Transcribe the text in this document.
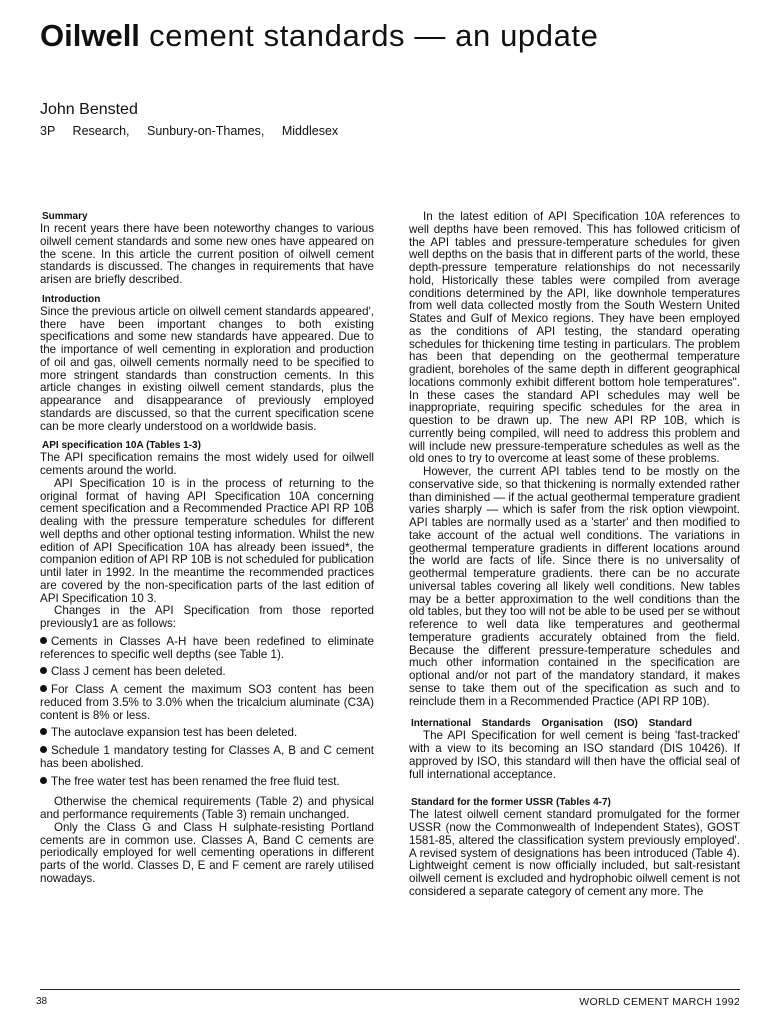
Oilwell cement standards — an update
John Bensted
3P Research, Sunbury-on-Thames, Middlesex
Summary

In recent years there have been noteworthy changes to various oilwell cement standards and some new ones have appeared on the scene. In this article the current position of oilwell cement standards is discussed. The changes in requirements that have arisen are briefly described.

Introduction

Since the previous article on oilwell cement standards appeared', there have been important changes to both existing specifications and some new standards have appeared. Due to the importance of well cementing in exploration and production of oil and gas, oilwell cements normally need to be specified to more stringent standards than construction cements. In this article changes in existing oilwell cement standards, plus the appearance and disappearance of previously employed standards are discussed, so that the current specification scene can be more clearly understood on a worldwide basis.

API specification 10A (Tables 1-3)

The API specification remains the most widely used for oilwell cements around the world.

API Specification 10 is in the process of returning to the original format of having API Specification 10A concerning cement specification and a Recommended Practice API RP 10B dealing with the pressure temperature schedules for different well depths and other optional testing information. Whilst the new edition of API Specification 10A has already been issued*, the companion edition of API RP 10B is not scheduled for publication until later in 1992. In the meantime the recommended practices are covered by the non-specification parts of the last edition of API Specification 10 3.

Changes in the API Specification from those reported previously1 are as follows:

Cements in Classes A-H have been redefined to eliminate references to specific well depths (see Table 1).

Class J cement has been deleted.

For Class A cement the maximum SO3 content has been reduced from 3.5% to 3.0% when the tricalcium aluminate (C3A) content is 8% or less.

The autoclave expansion test has been deleted.

Schedule 1 mandatory testing for Classes A, B and C cement has been abolished.

The free water test has been renamed the free fluid test.

Otherwise the chemical requirements (Table 2) and physical and performance requirements (Table 3) remain unchanged.

Only the Class G and Class H sulphate-resisting Portland cements are in common use. Classes A, Band C cements are periodically employed for well cementing operations in different parts of the world. Classes D, E and F cement are rarely utilised nowadays.

In the latest edition of API Specification 10A references to well depths have been removed. This has followed criticism of the API tables and pressure-temperature schedules for given well depths on the basis that in different parts of the world, these depth-pressure temperature relationships do not necessarily hold, Historically these tables were compiled from average conditions determined by the API, like downhole temperatures from well data collected mostly from the South Western United States and Gulf of Mexico regions. They have been employed as the conditions of API testing, the standard operating schedules for thickening time testing in particulars. The problem has been that depending on the geothermal temperature gradient, boreholes of the same depth in different geographical locations commonly exhibit different bottom hole temperatures". In these cases the standard API schedules may well be inappropriate, requiring specific schedules for the area in question to be drawn up. The new API RP 10B, which is currently being compiled, will need to address this problem and will include new pressure-temperature schedules as well as the old ones to try to overcome at least some of these problems.

However, the current API tables tend to be mostly on the conservative side, so that thickening is normally extended rather than diminished — if the actual geothermal temperature gradient varies sharply — which is safer from the risk option viewpoint. API tables are normally used as a 'starter' and then modified to take account of the actual well conditions. The variations in geothermal temperature gradients in different locations around the world are facts of life. Since there is no universality of geothermal temperature gradients. there can be no accurate universal tables covering all likely well conditions. New tables may be a better approximation to the well conditions than the old tables, but they too will not be able to be used per se without reference to well data like temperatures and geothermal temperature gradients accurately obtained from the field. Because the different pressure-temperature schedules and much other information contained in the specification are optional and/or not part of the mandatory standard, it makes sense to take them out of the specification as such and to reinclude them in a Recommended Practice (API RP 10B).

International Standards Organisation (ISO) Standard

The API Specification for well cement is being 'fast-tracked' with a view to its becoming an ISO standard (DIS 10426). If approved by ISO, this standard will then have the official seal of full international acceptance.

Standard for the former USSR (Tables 4-7)

The latest oilwell cement standard promulgated for the former USSR (now the Commonwealth of Independent States), GOST 1581-85, altered the classification system previously employed'. A revised system of designations has been introduced (Table 4). Lightweight cement is now officially included, but salt-resistant oilwell cement is excluded and hydrophobic oilwell cement is not considered a separate category of cement any more. The

38	WORLD CEMENT MARCH 1992
